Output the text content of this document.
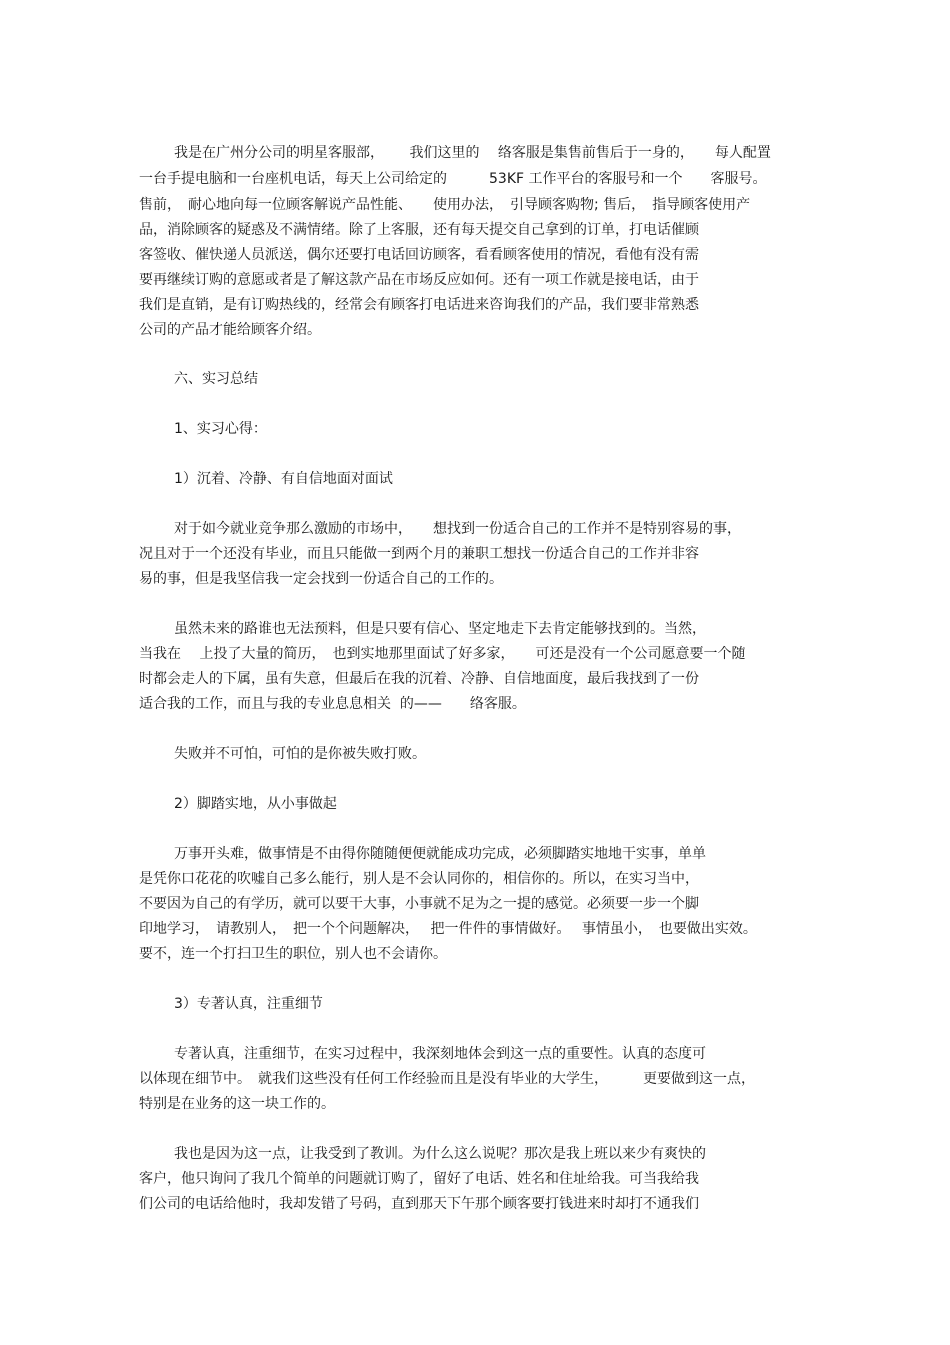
我是在广州分公司的明星客服部，　　 我们这里的　 络客服是集售前售后于一身的，　　每人配置
一台手提电脑和一台座机电话，每天上公司给定的　　　53KF 工作平台的客服号和一个　　客服号。
售前，　耐心地向每一位顾客解说产品性能、　　使用办法，　引导顾客购物; 售后，　指导顾客使用产
品，消除顾客的疑惑及不满情绪。除了上客服，还有每天提交自己拿到的订单，打电话催顾
客签收、催快递人员派送，偶尔还要打电话回访顾客，看看顾客使用的情况，看他有没有需
要再继续订购的意愿或者是了解这款产品在市场反应如何。还有一项工作就是接电话，由于
我们是直销，是有订购热线的，经常会有顾客打电话进来咨询我们的产品，我们要非常熟悉
公司的产品才能给顾客介绍。
六、实习总结
1、实习心得：
1）沉着、冷静、有自信地面对面试
对于如今就业竞争那么激励的市场中，　　想找到一份适合自己的工作并不是特别容易的事，
况且对于一个还没有毕业，而且只能做一到两个月的兼职工想找一份适合自己的工作并非容
易的事，但是我坚信我一定会找到一份适合自己的工作的。
虽然未来的路谁也无法预料，但是只要有信心、坚定地走下去肯定能够找到的。当然，
当我在　 上投了大量的简历，　也到实地那里面试了好多家，　　可还是没有一个公司愿意要一个随
时都会走人的下属，虽有失意，但最后在我的沉着、冷静、自信地面度，最后我找到了一份
适合我的工作，而且与我的专业息息相关  的——　　络客服。
失败并不可怕，可怕的是你被失败打败。
2）脚踏实地，从小事做起
万事开头难，做事情是不由得你随随便便就能成功完成，必须脚踏实地地干实事，单单
是凭你口花花的吹嘘自己多么能行，别人是不会认同你的，相信你的。所以，在实习当中，
不要因为自己的有学历，就可以要干大事，小事就不足为之一提的感觉。必须要一步一个脚
印地学习，　请教别人，　把一个个问题解决，　 把一件件的事情做好。　 事情虽小，　也要做出实效。
要不，连一个打扫卫生的职位，别人也不会请你。
3）专著认真，注重细节
专著认真，注重细节，在实习过程中，我深刻地体会到这一点的重要性。认真的态度可
以体现在细节中。　就我们这些没有任何工作经验而且是没有毕业的大学生，　　　更要做到这一点，
特别是在业务的这一块工作的。
我也是因为这一点，让我受到了教训。为什么这么说呢？那次是我上班以来少有爽快的
客户，他只询问了我几个简单的问题就订购了，留好了电话、姓名和住址给我。可当我给我
们公司的电话给他时，我却发错了号码，直到那天下午那个顾客要打钱进来时却打不通我们
